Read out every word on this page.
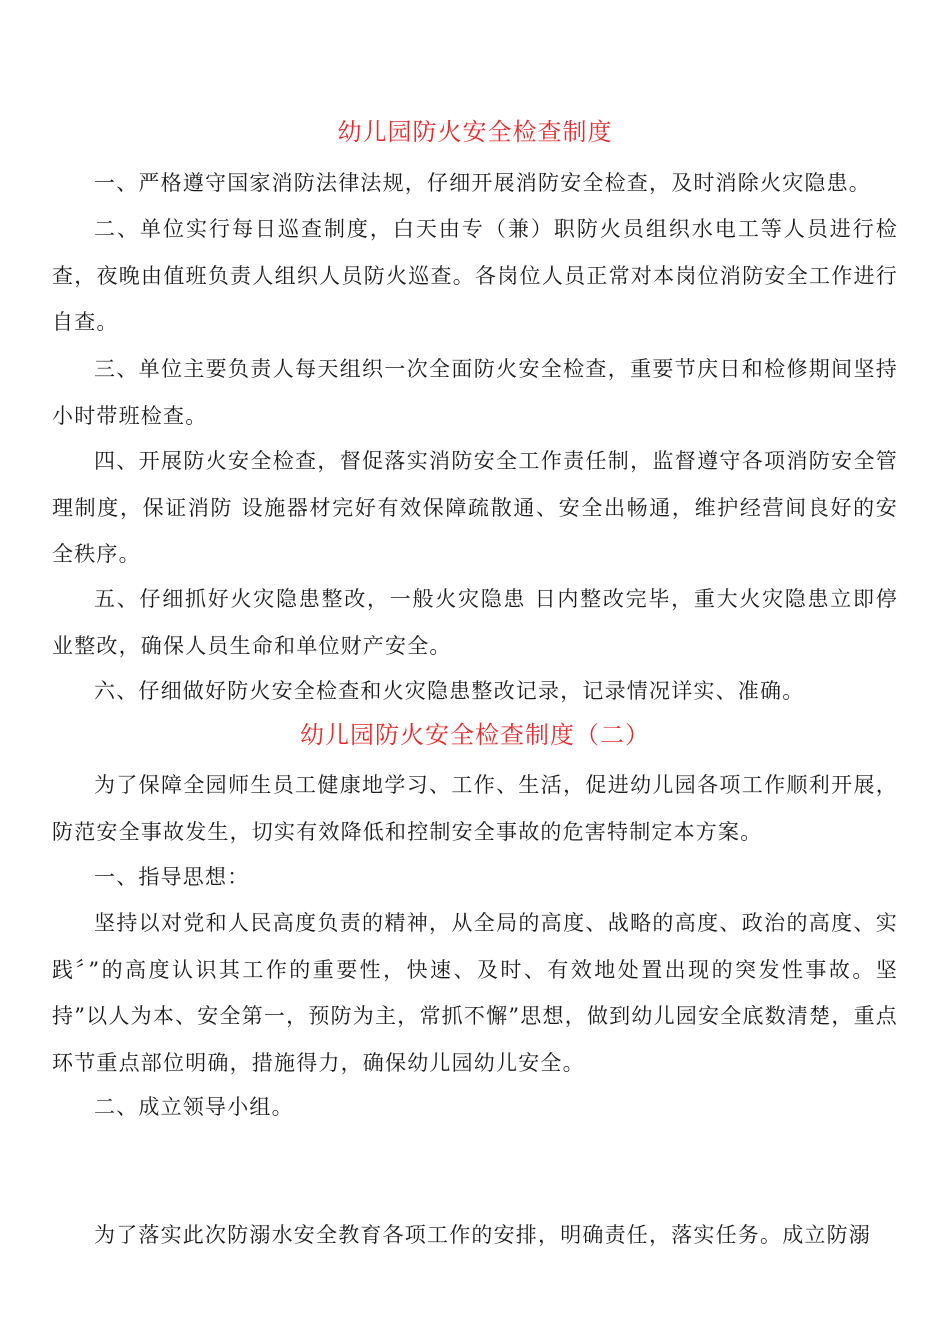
幼儿园防火安全检查制度

一、严格遵守国家消防法律法规，仔细开展消防安全检查，及时消除火灾隐患。

二、单位实行每日巡查制度，白天由专（兼）职防火员组织水电工等人员进行检查，夜晚由值班负责人组织人员防火巡查。各岗位人员正常对本岗位消防安全工作进行自查。

三、单位主要负责人每天组织一次全面防火安全检查，重要节庆日和检修期间坚持 小时带班检查。

四、开展防火安全检查，督促落实消防安全工作责任制，监督遵守各项消防安全管理制度，保证消防 设施器材完好有效保障疏散通、安全出畅通，维护经营间良好的安全秩序。

五、仔细抓好火灾隐患整改，一般火灾隐患 日内整改完毕，重大火灾隐患立即停业整改，确保人员生命和单位财产安全。

六、仔细做好防火安全检查和火灾隐患整改记录，记录情况详实、准确。

幼儿园防火安全检查制度（二）

为了保障全园师生员工健康地学习、工作、生活，促进幼儿园各项工作顺利开展，防范安全事故发生，切实有效降低和控制安全事故的危害特制定本方案。

一、指导思想：

坚持以对党和人民高度负责的精神，从全局的高度、战略的高度、政治的高度、实践〞”的高度认识其工作的重要性，快速、及时、有效地处置出现的突发性事故。坚持”以人为本、安全第一，预防为主，常抓不懈”思想，做到幼儿园安全底数清楚，重点环节重点部位明确，措施得力，确保幼儿园幼儿安全。

二、成立领导小组。

为了落实此次防溺水安全教育各项工作的安排，明确责任，落实任务。成立防溺
